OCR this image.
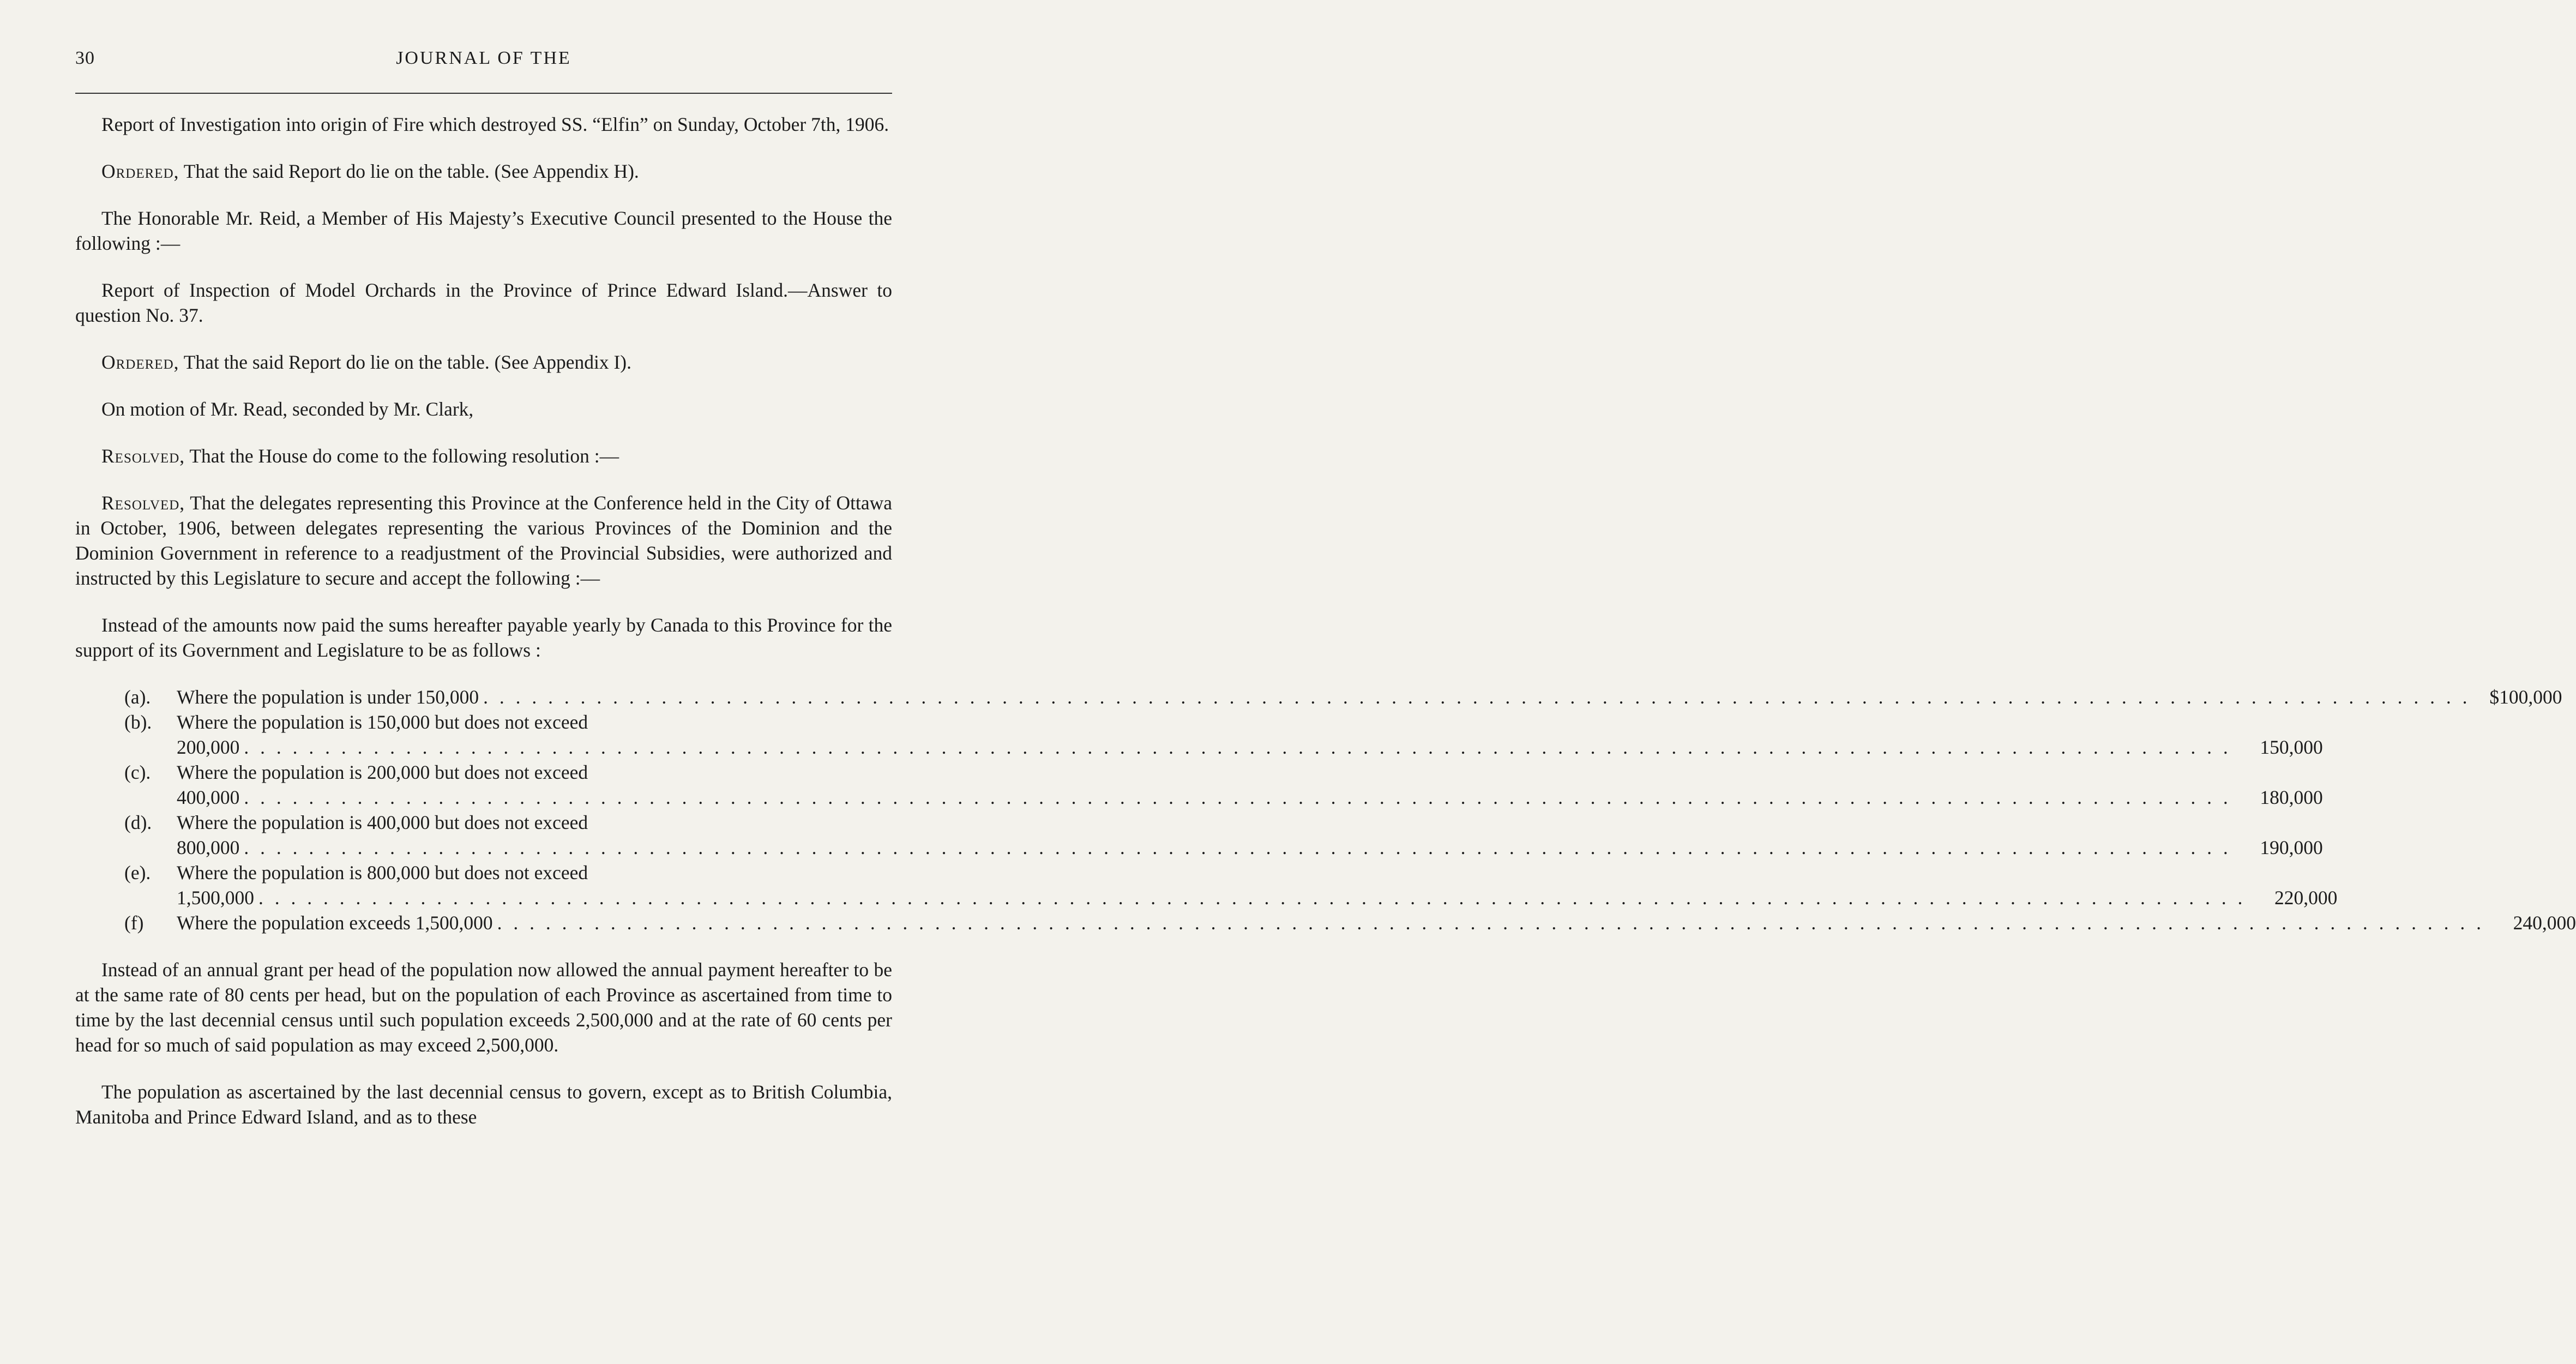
30	JOURNAL OF THE

Report of Investigation into origin of Fire which destroyed SS. “Elfin” on Sunday, October 7th, 1906.

Ordered, That the said Report do lie on the table. (See Appendix H).

The Honorable Mr. Reid, a Member of His Majesty’s Executive Council presented to the House the following :—

Report of Inspection of Model Orchards in the Province of Prince Edward Island.—Answer to question No. 37.

Ordered, That the said Report do lie on the table. (See Appendix I).

On motion of Mr. Read, seconded by Mr. Clark,

Resolved, That the House do come to the following resolution :—

Resolved, That the delegates representing this Province at the Conference held in the City of Ottawa in October, 1906, between delegates representing the various Provinces of the Dominion and the Dominion Government in reference to a readjustment of the Provincial Subsidies, were authorized and instructed by this Legislature to secure and accept the following :—

Instead of the amounts now paid the sums hereafter payable yearly by Canada to this Province for the support of its Government and Legislature to be as follows :

(a).	Where the population is under 150,000 . . .	$100,000
(b).	Where the population is 150,000 but does not exceed
200,000 . . .	150,000
(c).	Where the population is 200,000 but does not exceed
400,000 . . .	180,000
(d).	Where the population is 400,000 but does not exceed
800,000 . . .	190,000
(e).	Where the population is 800,000 but does not exceed
1,500,000 . . .	220,000
(f)	Where the population exceeds 1,500,000 . . .	240,000

Instead of an annual grant per head of the population now allowed the annual payment hereafter to be at the same rate of 80 cents per head, but on the population of each Province as ascertained from time to time by the last decennial census until such population exceeds 2,500,000 and at the rate of 60 cents per head for so much of said population as may exceed 2,500,000.

The population as ascertained by the last decennial census to govern, except as to British Columbia, Manitoba and Prince Edward Island, and as to these
